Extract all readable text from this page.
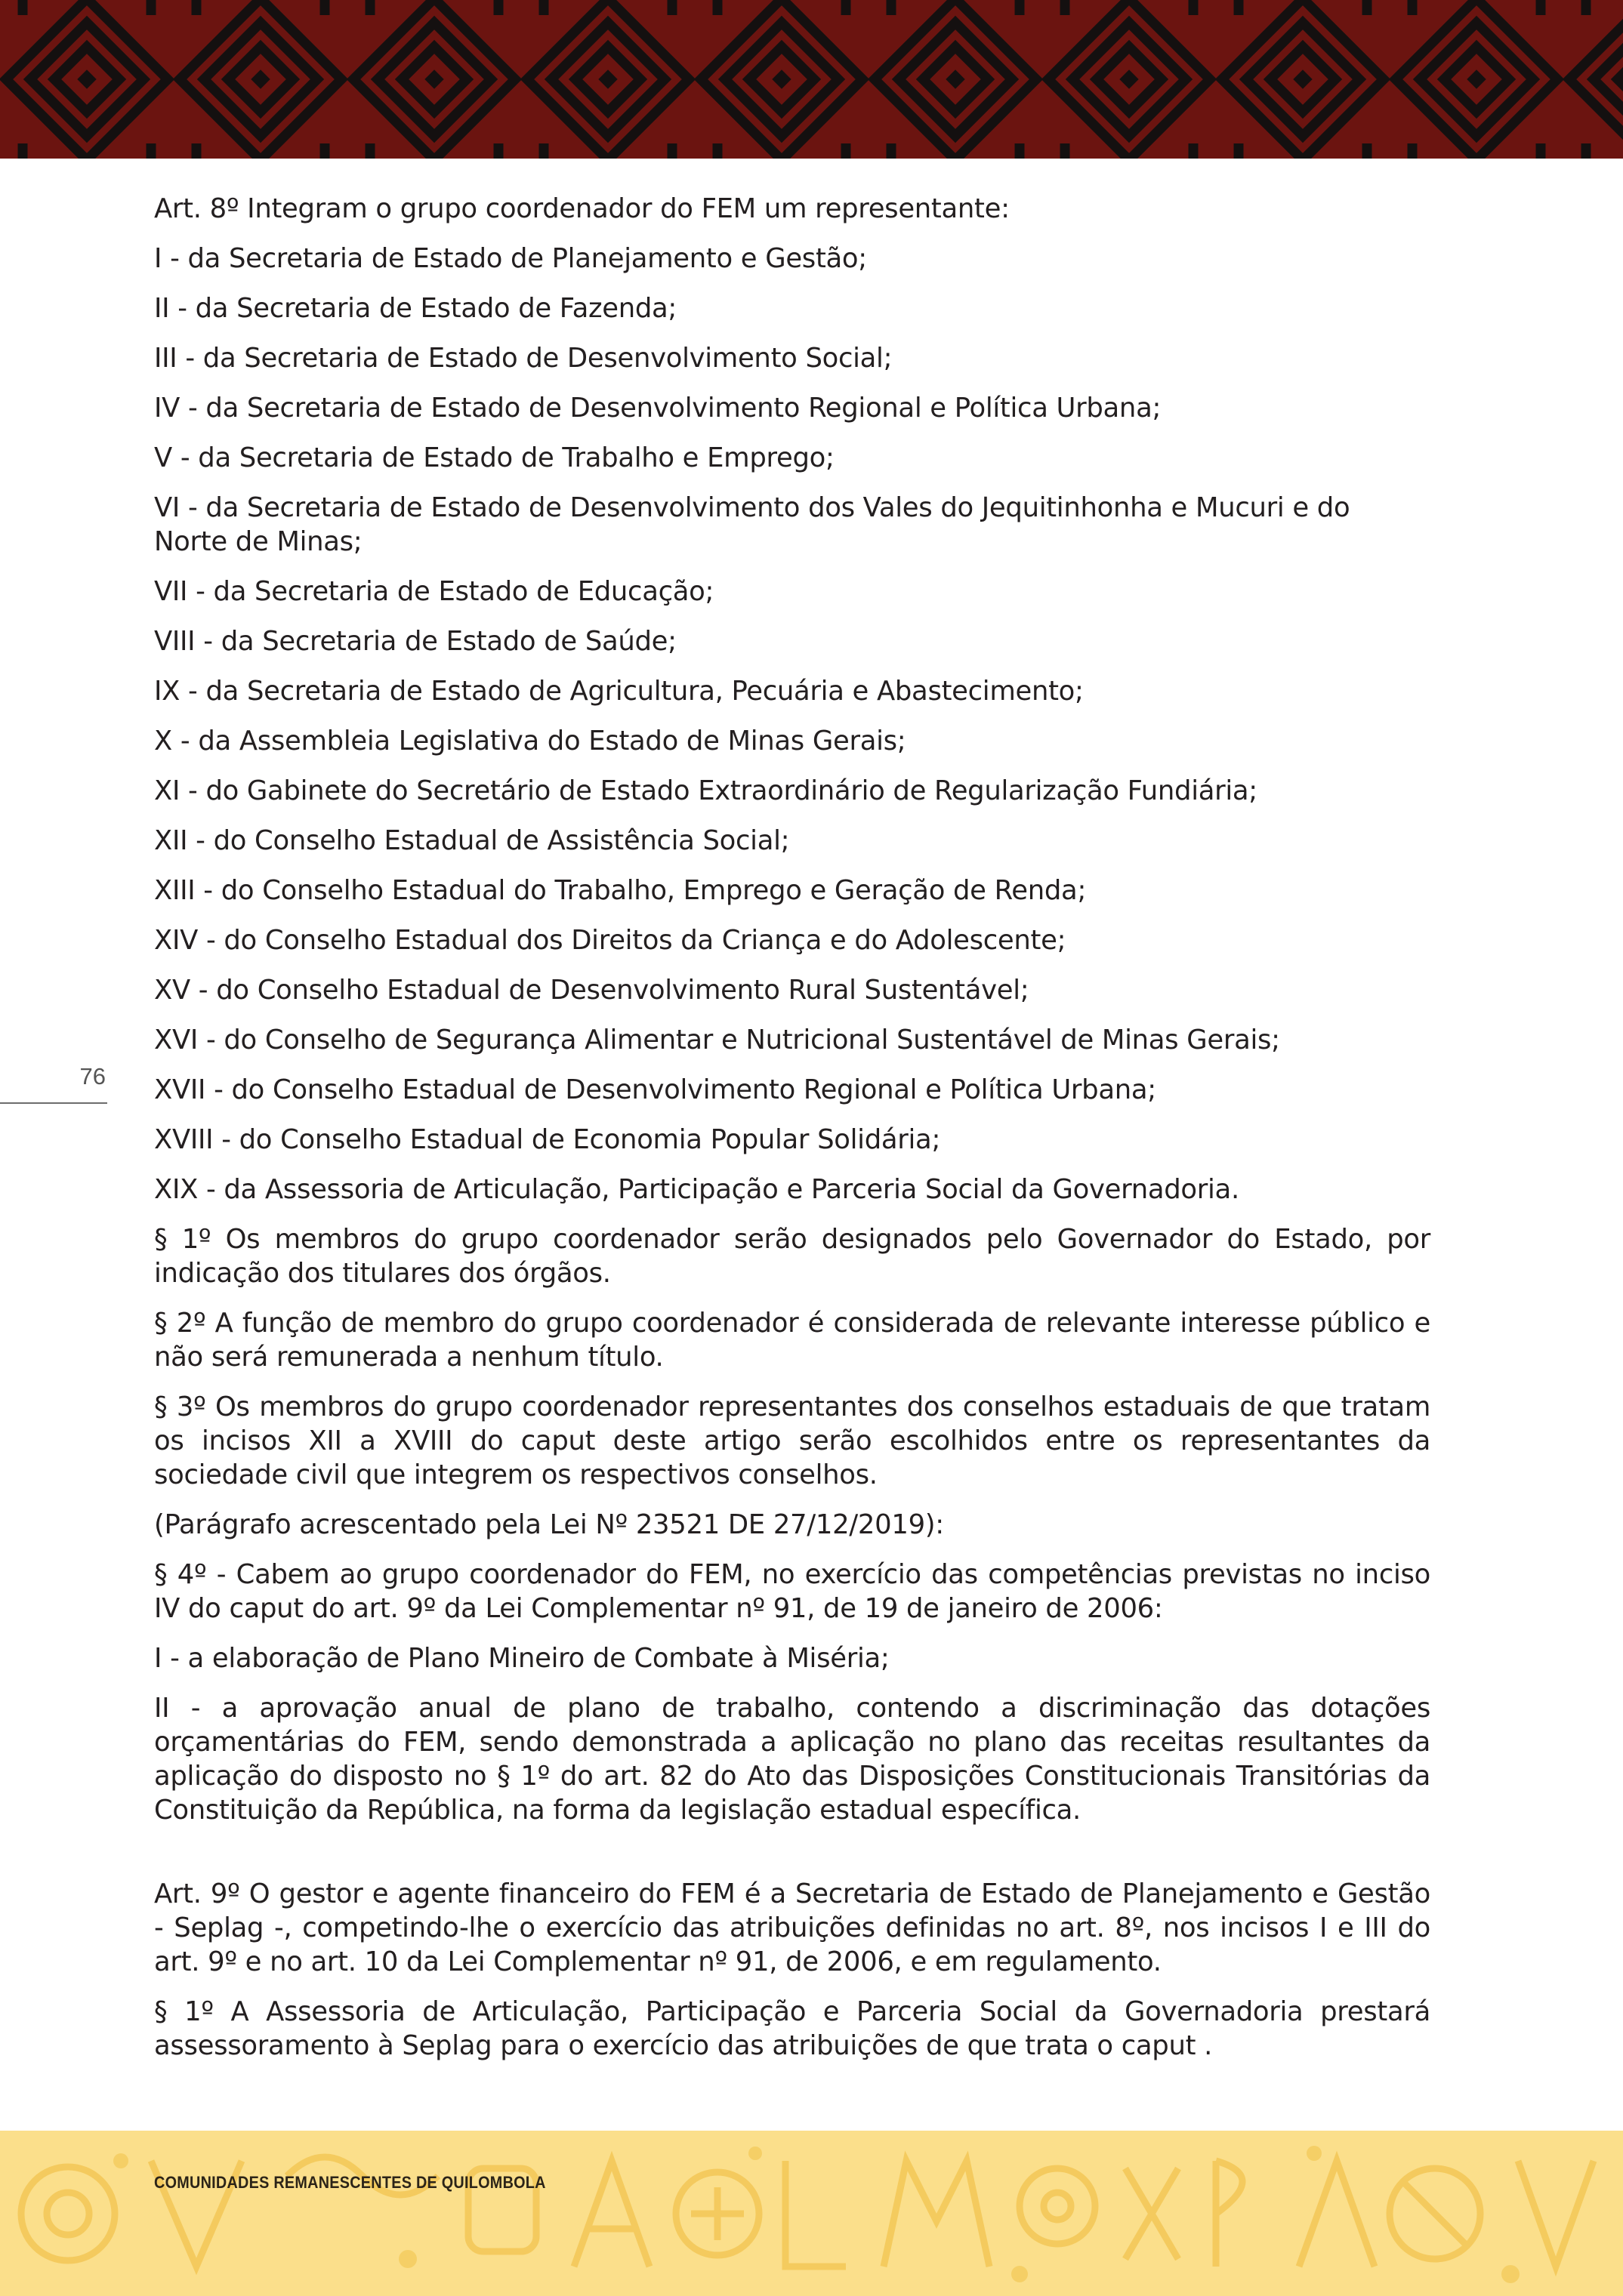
76

Art. 8º Integram o grupo coordenador do FEM um representante:

I - da Secretaria de Estado de Planejamento e Gestão;

II - da Secretaria de Estado de Fazenda;

III - da Secretaria de Estado de Desenvolvimento Social;

IV - da Secretaria de Estado de Desenvolvimento Regional e Política Urbana;

V - da Secretaria de Estado de Trabalho e Emprego;

VI - da Secretaria de Estado de Desenvolvimento dos Vales do Jequitinhonha e Mucuri e do Norte de Minas;

VII - da Secretaria de Estado de Educação;

VIII - da Secretaria de Estado de Saúde;

IX - da Secretaria de Estado de Agricultura, Pecuária e Abastecimento;

X - da Assembleia Legislativa do Estado de Minas Gerais;

XI - do Gabinete do Secretário de Estado Extraordinário de Regularização Fundiária;

XII - do Conselho Estadual de Assistência Social;

XIII - do Conselho Estadual do Trabalho, Emprego e Geração de Renda;

XIV - do Conselho Estadual dos Direitos da Criança e do Adolescente;

XV - do Conselho Estadual de Desenvolvimento Rural Sustentável;

XVI - do Conselho de Segurança Alimentar e Nutricional Sustentável de Minas Gerais;

XVII - do Conselho Estadual de Desenvolvimento Regional e Política Urbana;

XVIII - do Conselho Estadual de Economia Popular Solidária;

XIX - da Assessoria de Articulação, Participação e Parceria Social da Governadoria.

§ 1º Os membros do grupo coordenador serão designados pelo Governador do Estado, por indicação dos titulares dos órgãos.

§ 2º A função de membro do grupo coordenador é considerada de relevante interesse público e não será remunerada a nenhum título.

§ 3º Os membros do grupo coordenador representantes dos conselhos estaduais de que tratam os incisos XII a XVIII do caput deste artigo serão escolhidos entre os representantes da sociedade civil que integrem os respectivos conselhos.

(Parágrafo acrescentado pela Lei Nº 23521 DE 27/12/2019):

§ 4º - Cabem ao grupo coordenador do FEM, no exercício das competências previstas no inciso IV do caput do art. 9º da Lei Complementar nº 91, de 19 de janeiro de 2006:

I - a elaboração de Plano Mineiro de Combate à Miséria;

II - a aprovação anual de plano de trabalho, contendo a discriminação das dotações orçamentárias do FEM, sendo demonstrada a aplicação no plano das receitas resultantes da aplicação do disposto no § 1º do art. 82 do Ato das Disposições Constitucionais Transitórias da Constituição da República, na forma da legislação estadual específica.

Art. 9º O gestor e agente financeiro do FEM é a Secretaria de Estado de Planejamento e Gestão - Seplag -, competindo-lhe o exercício das atribuições definidas no art. 8º, nos incisos I e III do art. 9º e no art. 10 da Lei Complementar nº 91, de 2006, e em regulamento.

§ 1º A Assessoria de Articulação, Participação e Parceria Social da Governadoria prestará assessoramento à Seplag para o exercício das atribuições de que trata o caput .

COMUNIDADES REMANESCENTES DE QUILOMBOLA
